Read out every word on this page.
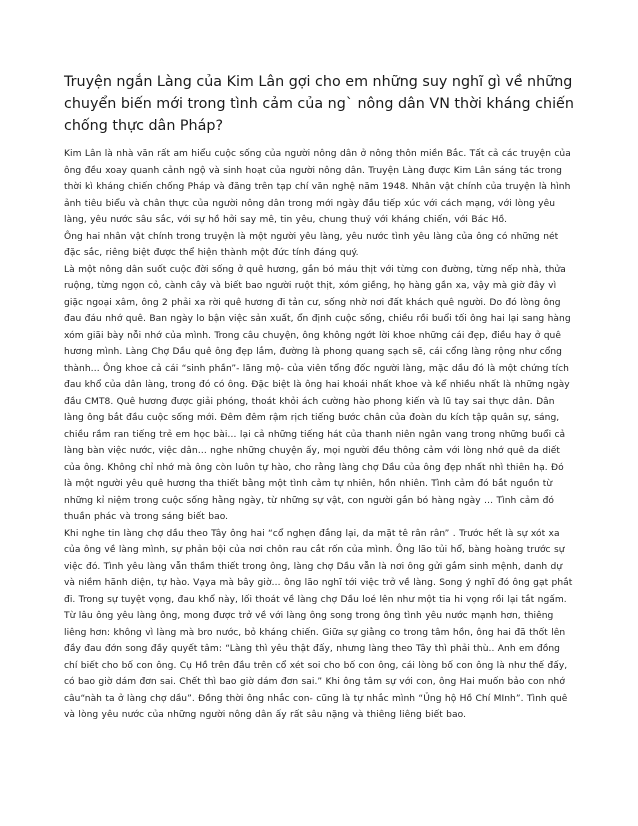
Truyện ngắn Làng của Kim Lân gợi cho em những suy nghĩ gì về những chuyển biến mới trong tình cảm của ng` nông dân VN thời kháng chiến chống thực dân Pháp?

Kim Lân là nhà văn rất am hiểu cuộc sống của người nông dân ở nông thôn miền Bắc. Tất cả các truyện của ông đều xoay quanh cảnh ngộ và sinh hoạt của người nông dân. Truyện Làng được Kim Lân sáng tác trong thời kì kháng chiến chống Pháp và đăng trên tạp chí văn nghệ năm 1948. Nhân vật chính của truyện là hình ảnh tiêu biểu và chân thực của người nông dân trong mới ngày đầu tiếp xúc với cách mạng, với lòng yêu làng, yêu nước sâu sắc, với sự hồ hởi say mê, tin yêu, chung thuỷ với kháng chiến, với Bác Hồ.

Ông hai nhân vật chính trong truyện là một người yêu làng, yêu nước tình yêu làng của ông có những nét đặc sắc, riêng biệt được thể hiện thành một đức tính đáng quý.

Là một nông dân suốt cuộc đời sống ở quê hương, gắn bó máu thịt với từng con đường, từng nếp nhà, thửa ruộng, từng ngọn cỏ, cành cây và biết bao người ruột thịt, xóm giềng, họ hàng gần xa, vậy mà giờ đây vì giặc ngoại xâm, ông 2 phải xa rời quê hương đi tản cư, sống nhờ nơi đất khách quê người. Do đó lòng ông đau đáu nhớ quê. Ban ngày lo bận việc sản xuất, ổn định cuộc sống, chiều rồi buổi tối ông hai lại sang hàng xóm giãi bày nỗi nhớ của mình. Trong câu chuyện, ông không ngớt lời khoe những cái đẹp, điều hay ở quê hương mình. Làng Chợ Dầu quê ông đẹp lắm, đường là phong quang sạch sẽ, cái cổng làng rộng như cổng thành… Ông khoe cả cái “sinh phần”- lăng mộ- của viên tổng đốc người làng, mặc dầu đó là một chứng tích đau khổ của dân làng, trong đó có ông. Đặc biệt là ông hai khoái nhất khoe và kể nhiều nhất là những ngày đầu CMT8. Quê hương được giải phóng, thoát khỏi ách cường hào phong kiến và lũ tay sai thực dân. Dân làng ông bắt đầu cuộc sống mới. Đêm đêm rậm rịch tiếng bước chân của đoàn du kích tập quân sự, sáng, chiều rầm ran tiếng trẻ em học bài… lại cả những tiếng hát của thanh niên ngân vang trong những buổi cả làng bàn việc nước, việc dân… nghe những chuyện ấy, mọi người đều thông cảm với lòng nhớ quê da diết của ông. Không chỉ nhớ mà ông còn luôn tự hào, cho rằng làng chợ Dầu của ông đẹp nhất nhì thiên hạ. Đó là một người yêu quê hương tha thiết bằng một tình cảm tự nhiên, hồn nhiên. Tình cảm đó bắt nguồn từ những kỉ niệm trong cuộc sống hằng ngày, từ những sự vật, con người gắn bó hàng ngày … Tình cảm đó thuần phác và trong sáng biết bao.

Khi nghe tin làng chợ dầu theo Tây ông hai “cổ nghẹn đắng lại, da mặt tê rân rân” . Trước hết là sự xót xa của ông về làng mình, sự phản bội của nơi chôn rau cắt rốn của mình. Ông lão tủi hổ, bàng hoàng trước sự việc đó. Tình yêu làng vẫn thầm thiết trong ông, làng chợ Dầu vẫn là nơi ông gửi gắm sinh mệnh, danh dự và niềm hãnh diện, tự hào. Vạya mà bây giờ… ông lão nghĩ tới việc trở về làng. Song ý nghĩ đó ông gạt phắt đi. Trong sự tuyệt vọng, đau khổ này, lối thoát về làng chợ Dầu loé lên như một tia hi vọng rồi lại tắt ngấm. Từ lâu ông yêu làng ông, mong được trở về với làng ông song trong ông tình yêu nước mạnh hơn, thiêng liêng hơn: không vì làng mà bro nước, bỏ kháng chiến. Giữa sự giằng co trong tâm hồn, ông hai đã thốt lên đầy đau đớn song đầy quyết tâm: “Làng thì yêu thật đấy, nhưng làng theo Tây thì phải thù.. Anh em đồng chí biết cho bố con ông. Cụ Hồ trên đầu trên cổ xét soi cho bố con ông, cái lòng bố con ông là như thế đấy, có bao giờ dám đơn sai. Chết thì bao giờ dám đơn sai.” Khi ông tâm sự với con, ông Hai muốn bảo con nhớ câu“nàh ta ở làng chợ dầu”. Đồng thời ông nhắc con- cũng là tự nhắc mình “Ủng hộ Hồ Chí MInh”. Tình quê và lòng yêu nước của những người nông dân ấy rất sâu nặng và thiêng liêng biết bao.
